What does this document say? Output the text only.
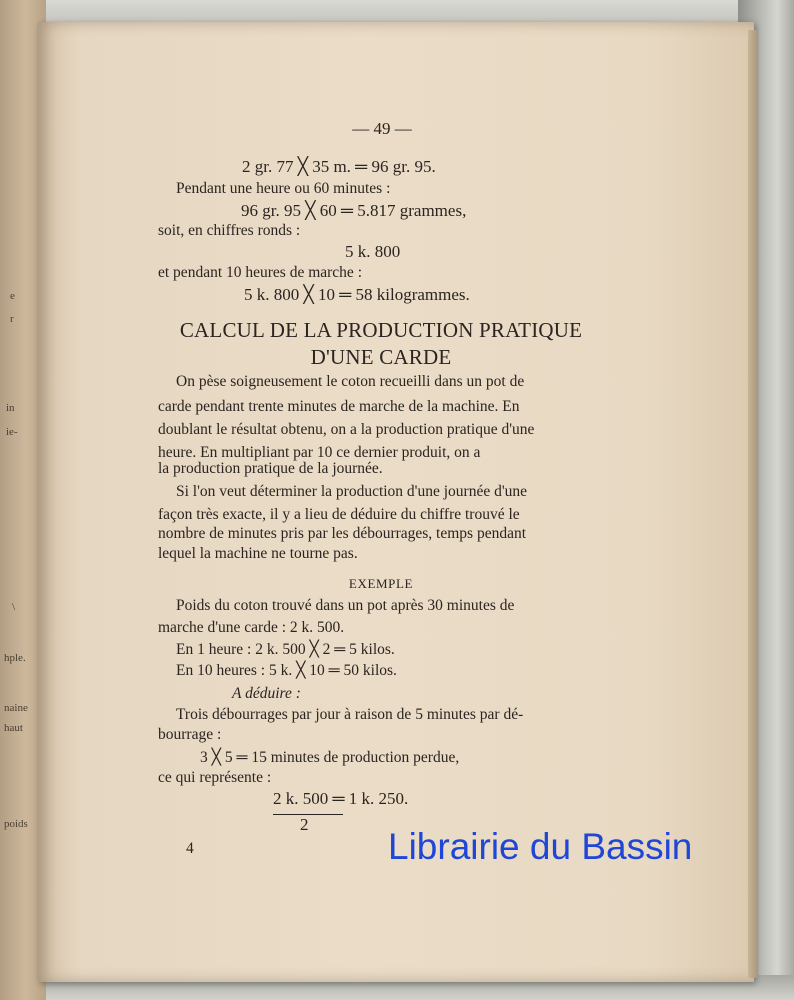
e
r
in
ie-
\
hple.
naine
haut
poids
— 49 —
2 gr. 77 ╳ 35 m. ═ 96 gr. 95.
Pendant une heure ou 60 minutes :
96 gr. 95 ╳ 60 ═ 5.817 grammes,
soit, en chiffres ronds :
5 k. 800
et pendant 10 heures de marche :
5 k. 800 ╳ 10 ═ 58 kilogrammes.
CALCUL DE LA PRODUCTION PRATIQUE
D'UNE CARDE
On pèse soigneusement le coton recueilli dans un pot de
carde pendant trente minutes de marche de la machine. En
doublant le résultat obtenu, on a la production pratique d'une
heure. En multipliant par 10 ce dernier produit, on a
la production pratique de la journée.
Si l'on veut déterminer la production d'une journée d'une
façon très exacte, il y a lieu de déduire du chiffre trouvé le
nombre de minutes pris par les débourrages, temps pendant
lequel la machine ne tourne pas.
EXEMPLE
Poids du coton trouvé dans un pot après 30 minutes de
marche d'une carde : 2 k. 500.
En 1 heure : 2 k. 500 ╳ 2 ═ 5 kilos.
En 10 heures : 5 k. ╳ 10 ═ 50 kilos.
A déduire :
Trois débourrages par jour à raison de 5 minutes par dé-
bourrage :
3 ╳ 5 ═ 15 minutes de production perdue,
ce qui représente :
2 k. 500 ═ 1 k. 250.
2
4	Librairie du Bassin
